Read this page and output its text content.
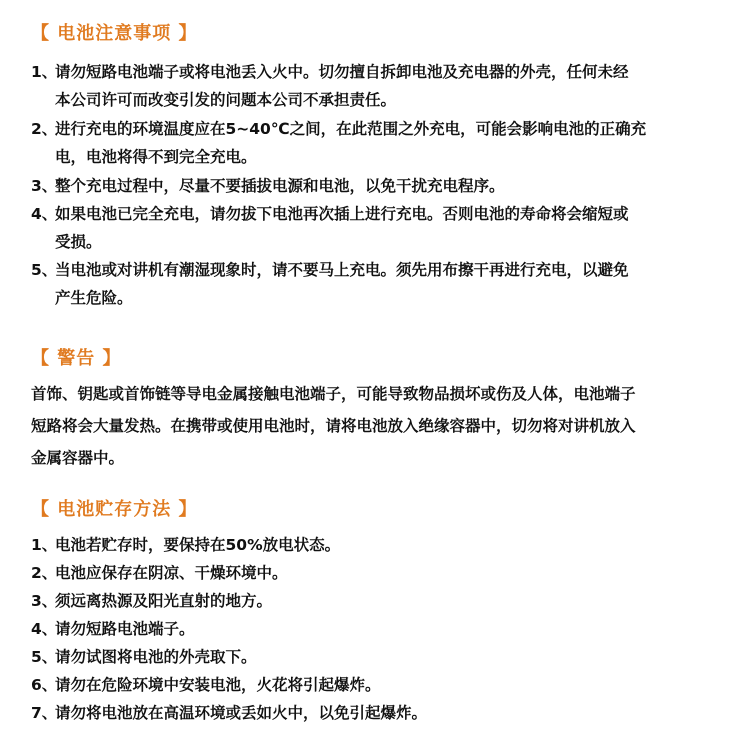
【 电池注意事项 】
1、请勿短路电池端子或将电池丢入火中。切勿擅自拆卸电池及充电器的外壳，任何未经
本公司许可而改变引发的问题本公司不承担责任。
2、进行充电的环境温度应在5~40℃之间，在此范围之外充电，可能会影响电池的正确充
电，电池将得不到完全充电。
3、整个充电过程中，尽量不要插拔电源和电池，以免干扰充电程序。
4、如果电池已完全充电，请勿拔下电池再次插上进行充电。否则电池的寿命将会缩短或
受损。
5、当电池或对讲机有潮湿现象时，请不要马上充电。须先用布擦干再进行充电，以避免
产生危险。
【 警告 】
首饰、钥匙或首饰链等导电金属接触电池端子，可能导致物品损坏或伤及人体，电池端子
短路将会大量发热。在携带或使用电池时，请将电池放入绝缘容器中，切勿将对讲机放入
金属容器中。
【 电池贮存方法 】
1、电池若贮存时，要保持在50%放电状态。
2、电池应保存在阴凉、干燥环境中。
3、须远离热源及阳光直射的地方。
4、请勿短路电池端子。
5、请勿试图将电池的外壳取下。
6、请勿在危险环境中安装电池，火花将引起爆炸。
7、请勿将电池放在高温环境或丢如火中，以免引起爆炸。
